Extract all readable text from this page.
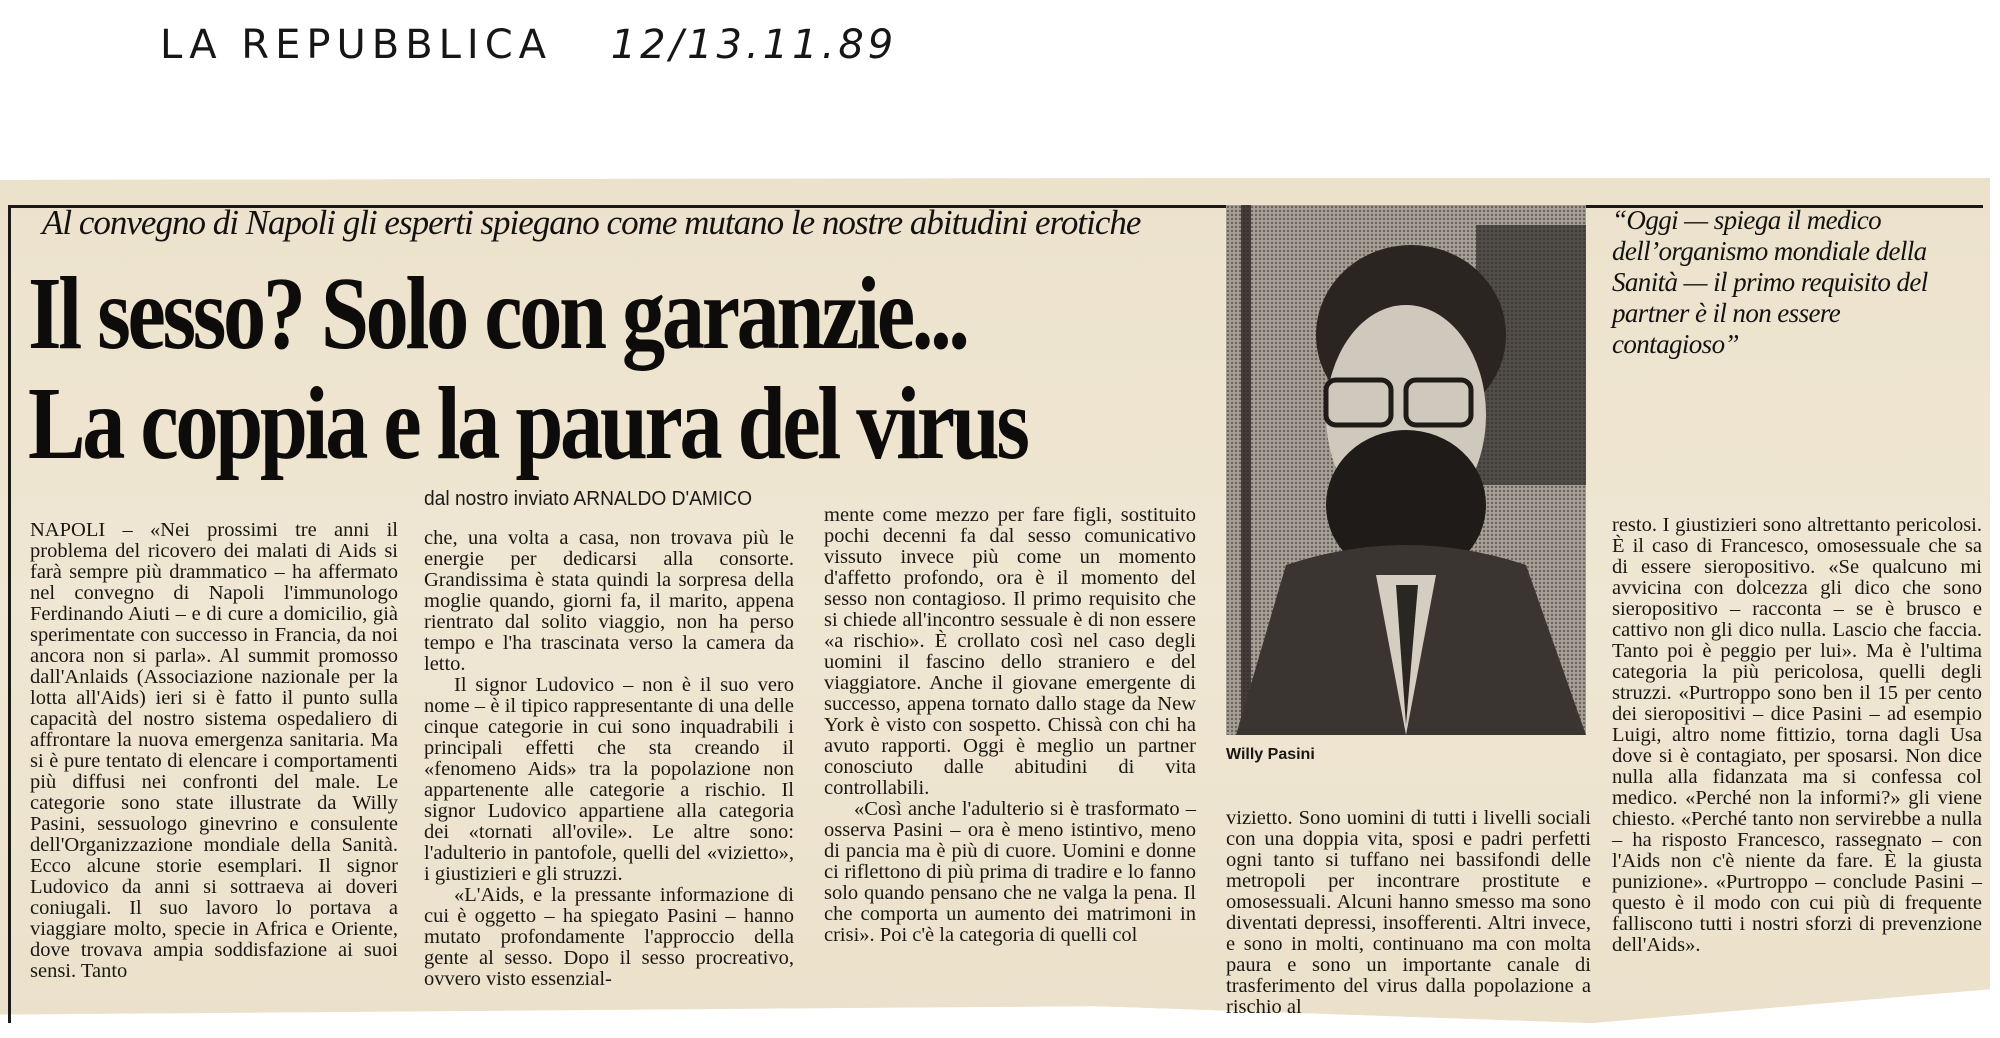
LA REPUBBLICA 12/13.11.89
Al convegno di Napoli gli esperti spiegano come mutano le nostre abitudini erotiche
Il sesso? Solo con garanzie...
La coppia e la paura del virus
dal nostro inviato ARNALDO D'AMICO

NAPOLI – «Nei prossimi tre anni il problema del ricovero dei malati di Aids si farà sempre più drammatico – ha affermato nel convegno di Napoli l'immunologo Ferdinando Aiuti – e di cure a domicilio, già sperimentate con successo in Francia, da noi ancora non si parla». Al summit promosso dall'Anlaids (Associazione nazionale per la lotta all'Aids) ieri si è fatto il punto sulla capacità del nostro sistema ospedaliero di affrontare la nuova emergenza sanitaria. Ma si è pure tentato di elencare i comportamenti più diffusi nei confronti del male. Le categorie sono state illustrate da Willy Pasini, sessuologo ginevrino e consulente dell'Organizzazione mondiale della Sanità. Ecco alcune storie esemplari. Il signor Ludovico da anni si sottraeva ai doveri coniugali. Il suo lavoro lo portava a viaggiare molto, specie in Africa e Oriente, dove trovava ampia soddisfazione ai suoi sensi. Tanto

che, una volta a casa, non trovava più le energie per dedicarsi alla consorte. Grandissima è stata quindi la sorpresa della moglie quando, giorni fa, il marito, appena rientrato dal solito viaggio, non ha perso tempo e l'ha trascinata verso la camera da letto.

Il signor Ludovico – non è il suo vero nome – è il tipico rappresentante di una delle cinque categorie in cui sono inquadrabili i principali effetti che sta creando il «fenomeno Aids» tra la popolazione non appartenente alle categorie a rischio. Il signor Ludovico appartiene alla categoria dei «tornati all'ovile». Le altre sono: l'adulterio in pantofole, quelli del «vizietto», i giustizieri e gli struzzi.

«L'Aids, e la pressante informazione di cui è oggetto – ha spiegato Pasini – hanno mutato profondamente l'approccio della gente al sesso. Dopo il sesso procreativo, ovvero visto essenzial-

mente come mezzo per fare figli, sostituito pochi decenni fa dal sesso comunicativo vissuto invece più come un momento d'affetto profondo, ora è il momento del sesso non contagioso. Il primo requisito che si chiede all'incontro sessuale è di non essere «a rischio». È crollato così nel caso degli uomini il fascino dello straniero e del viaggiatore. Anche il giovane emergente di successo, appena tornato dallo stage da New York è visto con sospetto. Chissà con chi ha avuto rapporti. Oggi è meglio un partner conosciuto dalle abitudini di vita controllabili.

«Così anche l'adulterio si è trasformato – osserva Pasini – ora è meno istintivo, meno di pancia ma è più di cuore. Uomini e donne ci riflettono di più prima di tradire e lo fanno solo quando pensano che ne valga la pena. Il che comporta un aumento dei matrimoni in crisi». Poi c'è la categoria di quelli col

Willy Pasini
“Oggi — spiega il medico dell’organismo mondiale della Sanità — il primo requisito del partner è il non essere contagioso”

vizietto. Sono uomini di tutti i livelli sociali con una doppia vita, sposi e padri perfetti ogni tanto si tuffano nei bassifondi delle metropoli per incontrare prostitute e omosessuali. Alcuni hanno smesso ma sono diventati depressi, insofferenti. Altri invece, e sono in molti, continuano ma con molta paura e sono un importante canale di trasferimento del virus dalla popolazione a rischio al

resto. I giustizieri sono altrettanto pericolosi. È il caso di Francesco, omosessuale che sa di essere sieropositivo. «Se qualcuno mi avvicina con dolcezza gli dico che sono sieropositivo – racconta – se è brusco e cattivo non gli dico nulla. Lascio che faccia. Tanto poi è peggio per lui». Ma è l'ultima categoria la più pericolosa, quelli degli struzzi. «Purtroppo sono ben il 15 per cento dei sieropositivi – dice Pasini – ad esempio Luigi, altro nome fittizio, torna dagli Usa dove si è contagiato, per sposarsi. Non dice nulla alla fidanzata ma si confessa col medico. «Perché non la informi?» gli viene chiesto. «Perché tanto non servirebbe a nulla – ha risposto Francesco, rassegnato – con l'Aids non c'è niente da fare. È la giusta punizione». «Purtroppo – conclude Pasini – questo è il modo con cui più di frequente falliscono tutti i nostri sforzi di prevenzione dell'Aids».
